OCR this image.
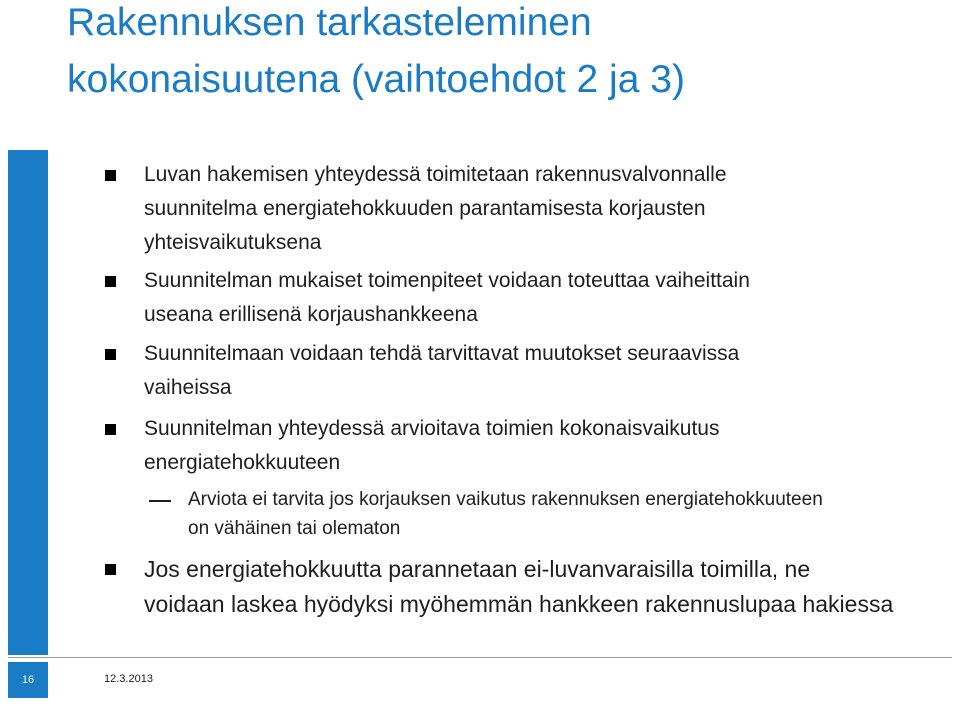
Rakennuksen tarkasteleminen
kokonaisuutena (vaihtoehdot 2 ja 3)
Luvan hakemisen yhteydessä toimitetaan rakennusvalvonnalle
suunnitelma energiatehokkuuden parantamisesta korjausten
yhteisvaikutuksena
Suunnitelman mukaiset toimenpiteet voidaan toteuttaa vaiheittain
useana erillisenä korjaushankkeena
Suunnitelmaan voidaan tehdä tarvittavat muutokset seuraavissa
vaiheissa
Suunnitelman yhteydessä arvioitava toimien kokonaisvaikutus
energiatehokkuuteen
Arviota ei tarvita jos korjauksen vaikutus rakennuksen energiatehokkuuteen
on vähäinen tai olematon
Jos energiatehokkuutta parannetaan ei-luvanvaraisilla toimilla, ne
voidaan laskea hyödyksi myöhemmän hankkeen rakennuslupaa hakiessa
16	12.3.2013
